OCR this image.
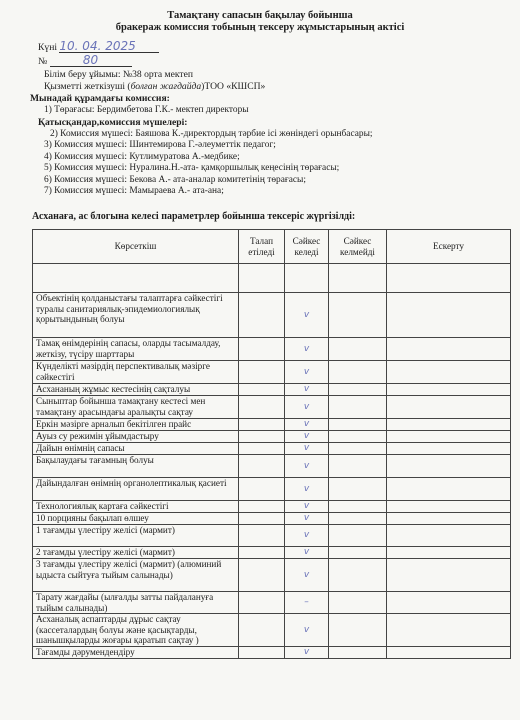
Тамақтану сапасын бақылау бойынша
бракераж комиссия тобының тексеру жұмыстарының актісі
Күні 10. 04. 2025
№	80
Білім беру ұйымы: №38 орта мектеп
Қызметті жеткізуші (болған жағдайда)ТОО «КШСП»
Мынадай құрамдағы комиссия:
1) Төрағасы: Бердимбетова Г.К.- мектеп директоры
Қатысқандар,комиссия мүшелері:
2) Комиссия мүшесі: Баяшова К.-директордың тәрбие ісі жөніндегі орынбасары;
3) Комиссия мүшесі: Шинтемирова Г.-әлеуметтік педагог;
4) Комиссия мүшесі: Кутлимуратова А.-медбике;
5) Комиссия мүшесі: Нуралина.Н.-ата- қамқоршылық кеңесінің төрағасы;
6) Комиссия мүшесі: Бекова А.- ата-аналар комитетінің төрағасы;
7) Комиссия мүшесі: Мамыраева А.- ата-ана;
Асханаға, ас блогына келесі параметрлер бойынша тексеріс жүргізілді:
Көрсеткіш	Талап етіледі	Сәйкес келеді	Сәйкес келмейді	Ескерту

Объектінің қолданыстағы талаптарға сәйкестігі туралы санитариялық-эпидемиологиялық қорытындының болуы		v		
Тамақ өнімдерінің сапасы, оларды тасымалдау, жеткізу, түсіру шарттары		v		
Күнделікті мәзірдің перспективалық мәзірге сәйкестігі		v		
Асхананың жұмыс кестесінің сақталуы		v		
Сыныптар бойынша тамақтану кестесі мен тамақтану арасындағы аралықты сақтау		v		
Еркін мәзірге арналып бекітілген прайс		v		
Ауыз су режимін ұйымдастыру		v		
Дайын өнімнің сапасы		v		
Бақылаудағы тағамның болуы		v		
Дайындалған өнімнің органолептикалық қасиеті		v		
Технологиялық картаға сәйкестігі		v		
10 порцияны бақылап өлшеу		v		
1 тағамды үлестіру желісі (мармит)		v		
2 тағамды үлестіру желісі (мармит)		v		
3 тағамды үлестіру желісі (мармит) (алюминий ыдыста сыйтуға тыйым салынады)		v		
Тарату жағдайы (ылғалды затты пайдалануға тыйым салынады)		–		
Асханалық аспаптарды дұрыс сақтау (кассеталардың болуы және қасықтарды, шанышқыларды жоғары қаратып сақтау )		v		
Тағамды дәрумендендіру		v		
